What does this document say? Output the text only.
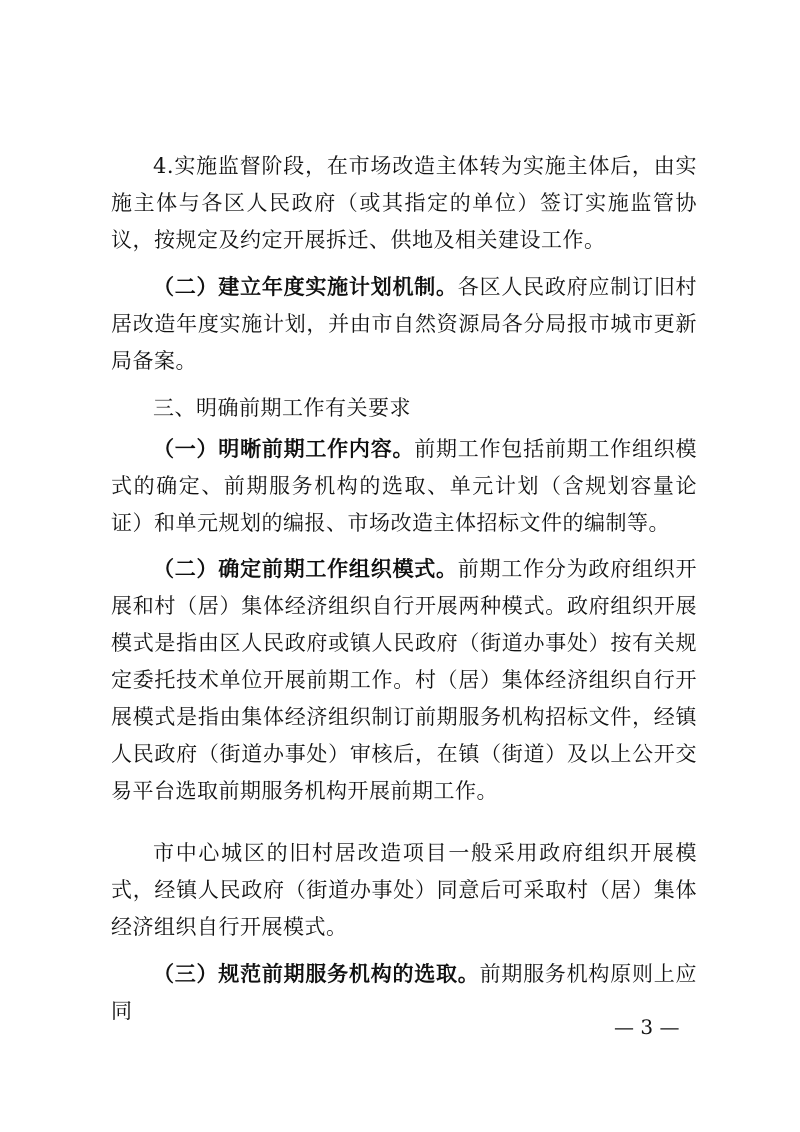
4.实施监督阶段，在市场改造主体转为实施主体后，由实施主体与各区人民政府（或其指定的单位）签订实施监管协议，按规定及约定开展拆迁、供地及相关建设工作。

（二）建立年度实施计划机制。各区人民政府应制订旧村居改造年度实施计划，并由市自然资源局各分局报市城市更新局备案。

三、明确前期工作有关要求

（一）明晰前期工作内容。前期工作包括前期工作组织模式的确定、前期服务机构的选取、单元计划（含规划容量论证）和单元规划的编报、市场改造主体招标文件的编制等。

（二）确定前期工作组织模式。前期工作分为政府组织开展和村（居）集体经济组织自行开展两种模式。政府组织开展模式是指由区人民政府或镇人民政府（街道办事处）按有关规定委托技术单位开展前期工作。村（居）集体经济组织自行开展模式是指由集体经济组织制订前期服务机构招标文件，经镇人民政府（街道办事处）审核后，在镇（街道）及以上公开交易平台选取前期服务机构开展前期工作。

市中心城区的旧村居改造项目一般采用政府组织开展模式，经镇人民政府（街道办事处）同意后可采取村（居）集体经济组织自行开展模式。

（三）规范前期服务机构的选取。前期服务机构原则上应同

— 3 —
